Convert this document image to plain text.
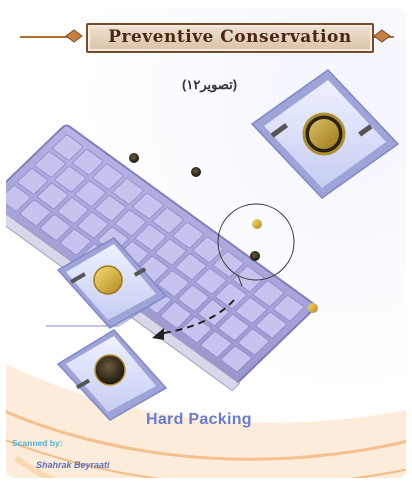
Preventive Conservation
(تصویر۱۲)
Hard Packing
Scanned by:
Shahrak Beyraati
